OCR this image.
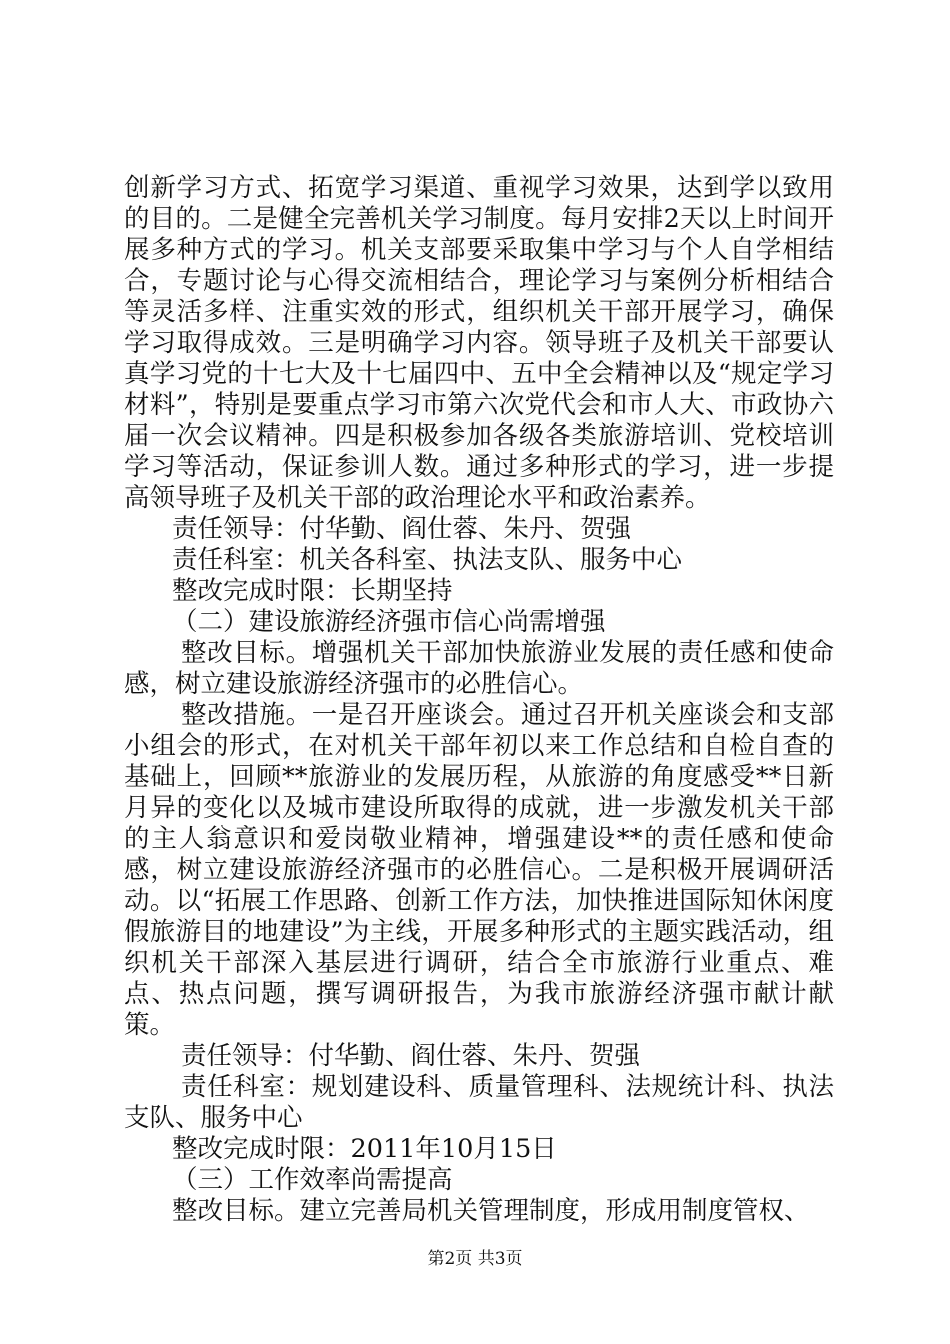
创新学习方式、拓宽学习渠道、重视学习效果，达到学以致用的目的。二是健全完善机关学习制度。每月安排2天以上时间开展多种方式的学习。机关支部要采取集中学习与个人自学相结合，专题讨论与心得交流相结合，理论学习与案例分析相结合等灵活多样、注重实效的形式，组织机关干部开展学习，确保学习取得成效。三是明确学习内容。领导班子及机关干部要认真学习党的十七大及十七届四中、五中全会精神以及“规定学习材料”，特别是要重点学习市第六次党代会和市人大、市政协六届一次会议精神。四是积极参加各级各类旅游培训、党校培训学习等活动，保证参训人数。通过多种形式的学习，进一步提高领导班子及机关干部的政治理论水平和政治素养。

责任领导：付华勤、阎仕蓉、朱丹、贺强

责任科室：机关各科室、执法支队、服务中心

整改完成时限：长期坚持

（二）建设旅游经济强市信心尚需增强

整改目标。增强机关干部加快旅游业发展的责任感和使命感，树立建设旅游经济强市的必胜信心。

整改措施。一是召开座谈会。通过召开机关座谈会和支部小组会的形式，在对机关干部年初以来工作总结和自检自查的基础上，回顾**旅游业的发展历程，从旅游的角度感受**日新月异的变化以及城市建设所取得的成就，进一步激发机关干部的主人翁意识和爱岗敬业精神，增强建设**的责任感和使命感，树立建设旅游经济强市的必胜信心。二是积极开展调研活动。以“拓展工作思路、创新工作方法，加快推进国际知休闲度假旅游目的地建设”为主线，开展多种形式的主题实践活动，组织机关干部深入基层进行调研，结合全市旅游行业重点、难点、热点问题，撰写调研报告，为我市旅游经济强市献计献策。

责任领导：付华勤、阎仕蓉、朱丹、贺强

责任科室：规划建设科、质量管理科、法规统计科、执法支队、服务中心

整改完成时限：2011年10月15日

（三）工作效率尚需提高

整改目标。建立完善局机关管理制度，形成用制度管权、

第2页 共3页
